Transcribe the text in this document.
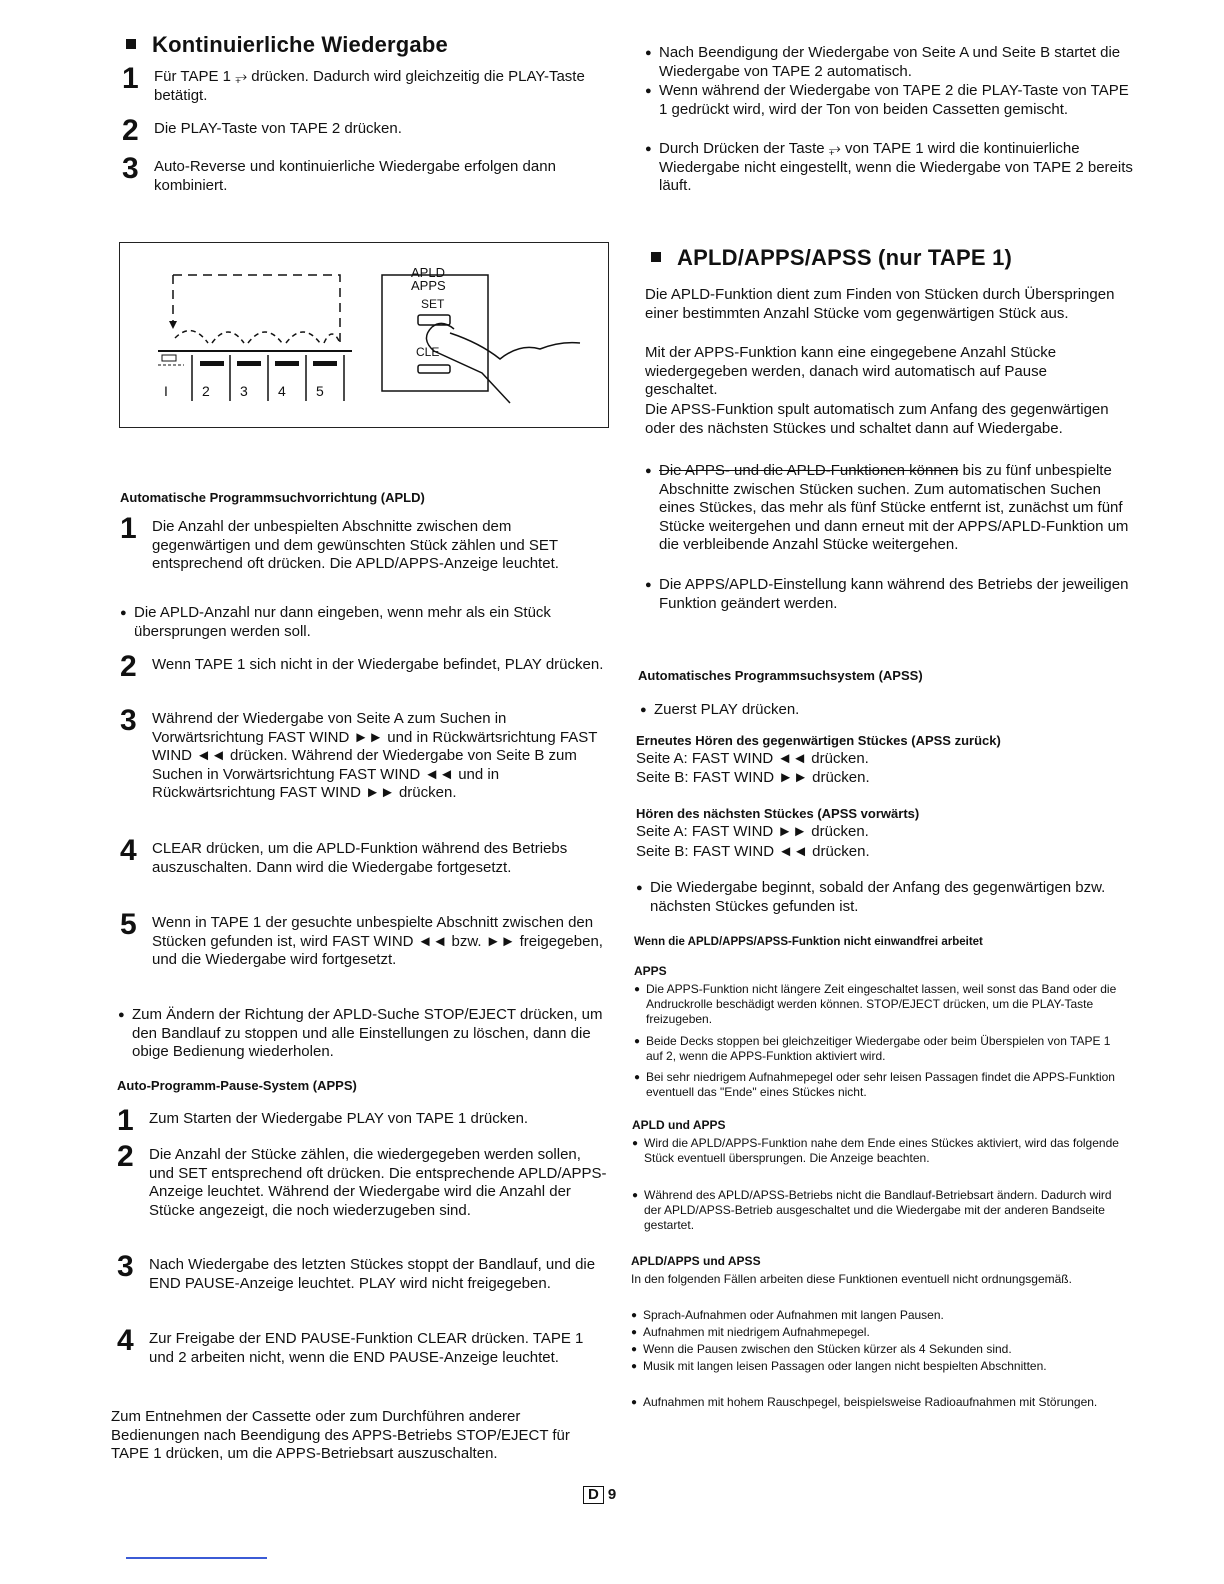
Kontinuierliche Wiedergabe
1 Für TAPE 1 ⥅ drücken. Dadurch wird gleichzeitig die PLAY-Taste betätigt.
2 Die PLAY-Taste von TAPE 2 drücken.
3 Auto-Reverse und kontinuierliche Wiedergabe erfolgen dann kombiniert.
APLD
APPS
SET
CLE
I 2 3 4 5
Automatische Programmsuchvorrichtung (APLD)
1 Die Anzahl der unbespielten Abschnitte zwischen dem gegenwärtigen und dem gewünschten Stück zählen und SET entsprechend oft drücken. Die APLD/APPS-Anzeige leuchtet.
● Die APLD-Anzahl nur dann eingeben, wenn mehr als ein Stück übersprungen werden soll.
2 Wenn TAPE 1 sich nicht in der Wiedergabe befindet, PLAY drücken.
3 Während der Wiedergabe von Seite A zum Suchen in Vorwärtsrichtung FAST WIND ►► und in Rückwärtsrichtung FAST WIND ◄◄ drücken. Während der Wiedergabe von Seite B zum Suchen in Vorwärtsrichtung FAST WIND ◄◄ und in Rückwärtsrichtung FAST WIND ►► drücken.
4 CLEAR drücken, um die APLD-Funktion während des Betriebs auszuschalten. Dann wird die Wiedergabe fortgesetzt.
5 Wenn in TAPE 1 der gesuchte unbespielte Abschnitt zwischen den Stücken gefunden ist, wird FAST WIND ◄◄ bzw. ►► freigegeben, und die Wiedergabe wird fortgesetzt.
● Zum Ändern der Richtung der APLD-Suche STOP/EJECT drücken, um den Bandlauf zu stoppen und alle Einstellungen zu löschen, dann die obige Bedienung wiederholen.
Auto-Programm-Pause-System (APPS)
1 Zum Starten der Wiedergabe PLAY von TAPE 1 drücken.
2 Die Anzahl der Stücke zählen, die wiedergegeben werden sollen, und SET entsprechend oft drücken. Die entsprechende APLD/APPS-Anzeige leuchtet. Während der Wiedergabe wird die Anzahl der Stücke angezeigt, die noch wiederzugeben sind.
3 Nach Wiedergabe des letzten Stückes stoppt der Bandlauf, und die END PAUSE-Anzeige leuchtet. PLAY wird nicht freigegeben.
4 Zur Freigabe der END PAUSE-Funktion CLEAR drücken. TAPE 1 und 2 arbeiten nicht, wenn die END PAUSE-Anzeige leuchtet.
Zum Entnehmen der Cassette oder zum Durchführen anderer Bedienungen nach Beendigung des APPS-Betriebs STOP/EJECT für TAPE 1 drücken, um die APPS-Betriebsart auszuschalten.
● Nach Beendigung der Wiedergabe von Seite A und Seite B startet die Wiedergabe von TAPE 2 automatisch.
● Wenn während der Wiedergabe von TAPE 2 die PLAY-Taste von TAPE 1 gedrückt wird, wird der Ton von beiden Cassetten gemischt.
● Durch Drücken der Taste ⥅ von TAPE 1 wird die kontinuierliche Wiedergabe nicht eingestellt, wenn die Wiedergabe von TAPE 2 bereits läuft.
APLD/APPS/APSS (nur TAPE 1)
Die APLD-Funktion dient zum Finden von Stücken durch Überspringen einer bestimmten Anzahl Stücke vom gegenwärtigen Stück aus.
Mit der APPS-Funktion kann eine eingegebene Anzahl Stücke wiedergegeben werden, danach wird automatisch auf Pause geschaltet.
Die APSS-Funktion spult automatisch zum Anfang des gegenwärtigen oder des nächsten Stückes und schaltet dann auf Wiedergabe.
● Die APPS- und die APLD-Funktionen können bis zu fünf unbespielte Abschnitte zwischen Stücken suchen. Zum automatischen Suchen eines Stückes, das mehr als fünf Stücke entfernt ist, zunächst um fünf Stücke weitergehen und dann erneut mit der APPS/APLD-Funktion um die verbleibende Anzahl Stücke weitergehen.
● Die APPS/APLD-Einstellung kann während des Betriebs der jeweiligen Funktion geändert werden.
Automatisches Programmsuchsystem (APSS)
● Zuerst PLAY drücken.
Erneutes Hören des gegenwärtigen Stückes (APSS zurück)
Seite A: FAST WIND ◄◄ drücken.
Seite B: FAST WIND ►► drücken.
Hören des nächsten Stückes (APSS vorwärts)
Seite A: FAST WIND ►► drücken.
Seite B: FAST WIND ◄◄ drücken.
● Die Wiedergabe beginnt, sobald der Anfang des gegenwärtigen bzw. nächsten Stückes gefunden ist.
Wenn die APLD/APPS/APSS-Funktion nicht einwandfrei arbeitet
APPS
● Die APPS-Funktion nicht längere Zeit eingeschaltet lassen, weil sonst das Band oder die Andruckrolle beschädigt werden können. STOP/EJECT drücken, um die PLAY-Taste freizugeben.
● Beide Decks stoppen bei gleichzeitiger Wiedergabe oder beim Überspielen von TAPE 1 auf 2, wenn die APPS-Funktion aktiviert wird.
● Bei sehr niedrigem Aufnahmepegel oder sehr leisen Passagen findet die APPS-Funktion eventuell das "Ende" eines Stückes nicht.
APLD und APPS
● Wird die APLD/APPS-Funktion nahe dem Ende eines Stückes aktiviert, wird das folgende Stück eventuell übersprungen. Die Anzeige beachten.
● Während des APLD/APSS-Betriebs nicht die Bandlauf-Betriebsart ändern. Dadurch wird der APLD/APSS-Betrieb ausgeschaltet und die Wiedergabe mit der anderen Bandseite gestartet.
APLD/APPS und APSS
In den folgenden Fällen arbeiten diese Funktionen eventuell nicht ordnungsgemäß.
● Sprach-Aufnahmen oder Aufnahmen mit langen Pausen.
● Aufnahmen mit niedrigem Aufnahmepegel.
● Wenn die Pausen zwischen den Stücken kürzer als 4 Sekunden sind.
● Musik mit langen leisen Passagen oder langen nicht bespielten Abschnitten.
● Aufnahmen mit hohem Rauschpegel, beispielsweise Radioaufnahmen mit Störungen.
D 9
